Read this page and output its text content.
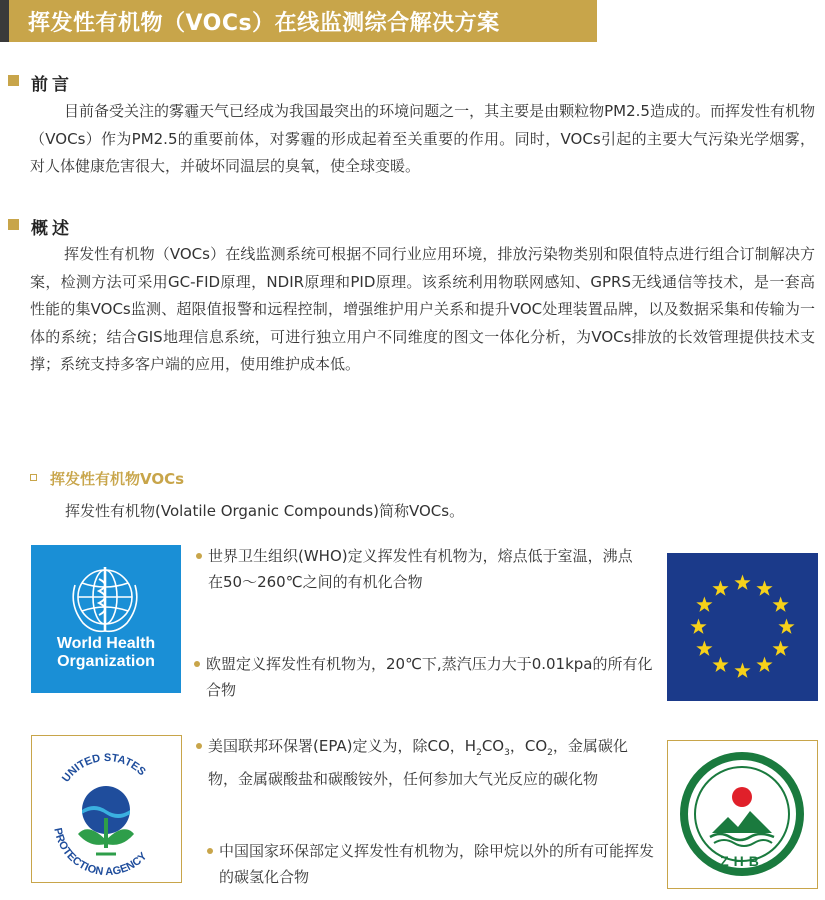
挥发性有机物（VOCs）在线监测综合解决方案
前言
目前备受关注的雾霾天气已经成为我国最突出的环境问题之一，其主要是由颗粒物PM2.5造成的。而挥发性有机物（VOCs）作为PM2.5的重要前体，对雾霾的形成起着至关重要的作用。同时，VOCs引起的主要大气污染光学烟雾，对人体健康危害很大，并破坏同温层的臭氧，使全球变暖。
概述
挥发性有机物（VOCs）在线监测系统可根据不同行业应用环境，排放污染物类别和限值特点进行组合订制解决方案，检测方法可采用GC-FID原理，NDIR原理和PID原理。该系统利用物联网感知、GPRS无线通信等技术，是一套高性能的集VOCs监测、超限值报警和远程控制，增强维护用户关系和提升VOC处理装置品牌，以及数据采集和传输为一体的系统；结合GIS地理信息系统，可进行独立用户不同维度的图文一体化分析，为VOCs排放的长效管理提供技术支撑；系统支持多客户端的应用，使用维护成本低。
挥发性有机物VOCs
挥发性有机物(Volatile Organic Compounds)简称VOCs。
World Health
Organization
世界卫生组织(WHO)定义挥发性有机物为，熔点低于室温，沸点在50～260℃之间的有机化合物
欧盟定义挥发性有机物为，20℃下,蒸汽压力大于0.01kpa的所有化合物
UNITED STATES
PROTECTION AGENCY
美国联邦环保署(EPA)定义为，除CO，$H_2CO_3$，$CO_2$，金属碳化物，金属碳酸盐和碳酸铵外，任何参加大气光反应的碳化物
中国国家环保部定义挥发性有机物为，除甲烷以外的所有可能挥发的碳氢化合物
ZHB
